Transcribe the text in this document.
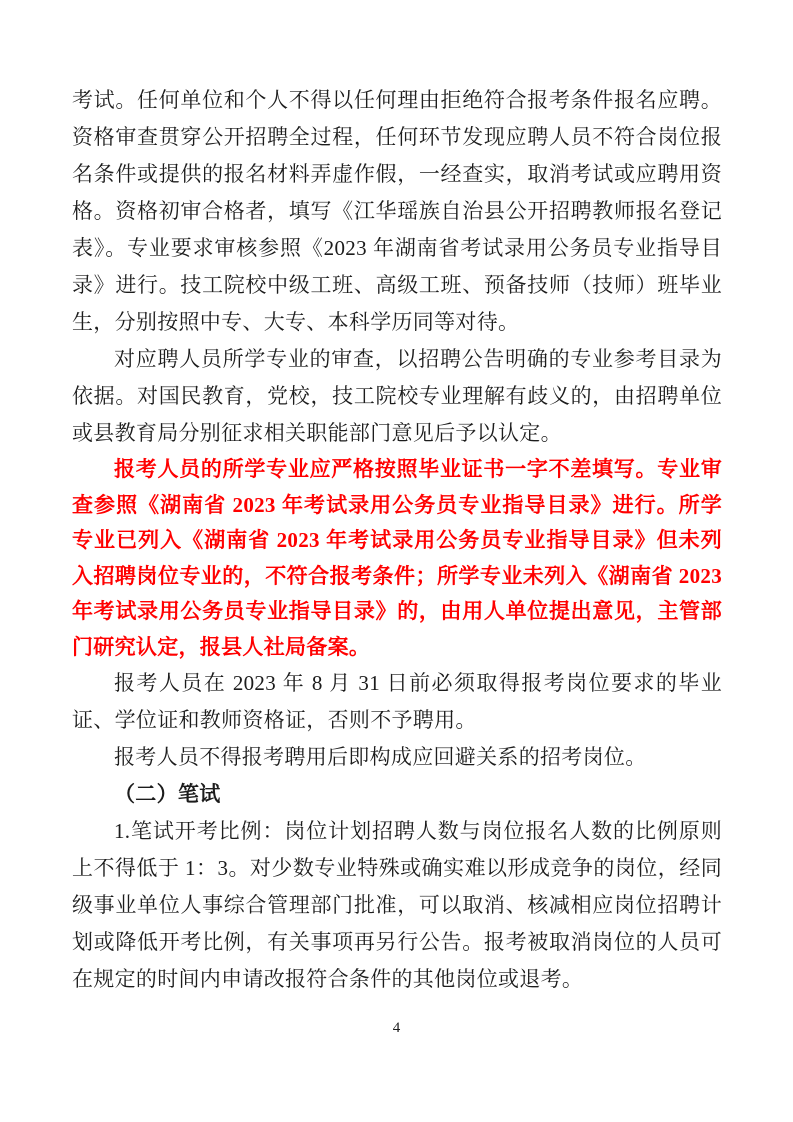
考试。任何单位和个人不得以任何理由拒绝符合报考条件报名应聘。资格审查贯穿公开招聘全过程，任何环节发现应聘人员不符合岗位报名条件或提供的报名材料弄虚作假，一经查实，取消考试或应聘用资格。资格初审合格者，填写《江华瑶族自治县公开招聘教师报名登记表》。专业要求审核参照《2023 年湖南省考试录用公务员专业指导目录》进行。技工院校中级工班、高级工班、预备技师（技师）班毕业生，分别按照中专、大专、本科学历同等对待。

对应聘人员所学专业的审查，以招聘公告明确的专业参考目录为依据。对国民教育，党校，技工院校专业理解有歧义的，由招聘单位或县教育局分别征求相关职能部门意见后予以认定。

报考人员的所学专业应严格按照毕业证书一字不差填写。专业审查参照《湖南省 2023 年考试录用公务员专业指导目录》进行。所学专业已列入《湖南省 2023 年考试录用公务员专业指导目录》但未列入招聘岗位专业的，不符合报考条件；所学专业未列入《湖南省 2023 年考试录用公务员专业指导目录》的，由用人单位提出意见，主管部门研究认定，报县人社局备案。

报考人员在 2023 年 8 月 31 日前必须取得报考岗位要求的毕业证、学位证和教师资格证，否则不予聘用。

报考人员不得报考聘用后即构成应回避关系的招考岗位。

（二）笔试

1.笔试开考比例：岗位计划招聘人数与岗位报名人数的比例原则上不得低于 1：3。对少数专业特殊或确实难以形成竞争的岗位，经同级事业单位人事综合管理部门批准，可以取消、核减相应岗位招聘计划或降低开考比例，有关事项再另行公告。报考被取消岗位的人员可在规定的时间内申请改报符合条件的其他岗位或退考。

4
